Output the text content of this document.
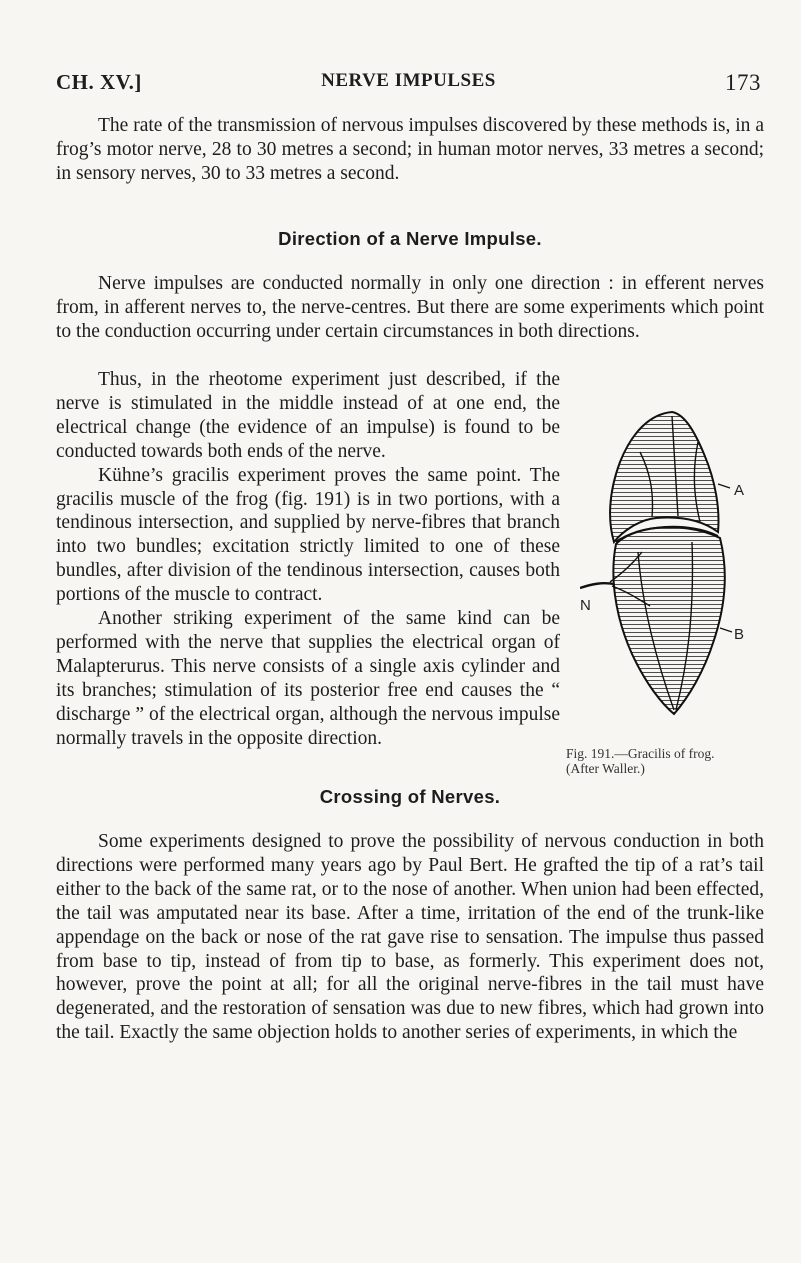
CH. XV.]	NERVE IMPULSES	173
The rate of the transmission of nervous impulses discovered by these methods is, in a frog’s motor nerve, 28 to 30 metres a second; in human motor nerves, 33 metres a second; in sensory nerves, 30 to 33 metres a second.
Direction of a Nerve Impulse.
Nerve impulses are conducted normally in only one direction : in efferent nerves from, in afferent nerves to, the nerve-centres. But there are some experiments which point to the conduction occurring under certain circumstances in both directions.
A
B
N
Fig. 191.—Gracilis of frog.
(After Waller.)
Thus, in the rheotome experiment just described, if the nerve is stimulated in the middle instead of at one end, the electrical change (the evidence of an impulse) is found to be conducted towards both ends of the nerve.
Kühne’s gracilis experiment proves the same point. The gracilis muscle of the frog (fig. 191) is in two portions, with a tendinous intersection, and supplied by nerve-fibres that branch into two bundles; excitation strictly limited to one of these bundles, after division of the tendinous intersection, causes both portions of the muscle to contract.
Another striking experiment of the same kind can be performed with the nerve that supplies the electrical organ of Malapterurus. This nerve consists of a single axis cylinder and its branches; stimulation of its posterior free end causes the “ discharge ” of the electrical organ, although the nervous impulse normally travels in the opposite direction.
Crossing of Nerves.
Some experiments designed to prove the possibility of nervous conduction in both directions were performed many years ago by Paul Bert. He grafted the tip of a rat’s tail either to the back of the same rat, or to the nose of another. When union had been effected, the tail was amputated near its base. After a time, irritation of the end of the trunk-like appendage on the back or nose of the rat gave rise to sensation. The impulse thus passed from base to tip, instead of from tip to base, as formerly. This experiment does not, however, prove the point at all; for all the original nerve-fibres in the tail must have degenerated, and the restoration of sensation was due to new fibres, which had grown into the tail. Exactly the same objection holds to another series of experiments, in which the
